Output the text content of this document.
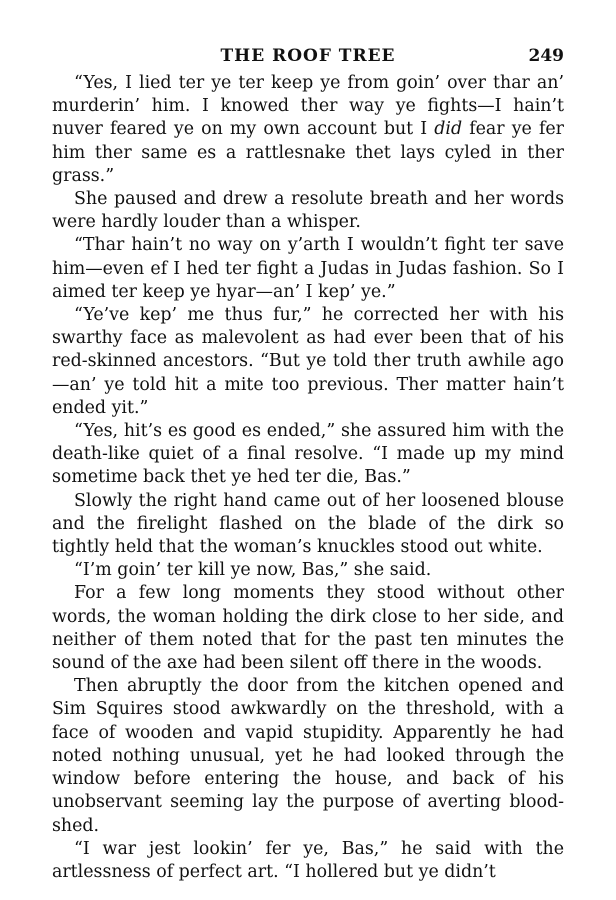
THE ROOF TREE	249

“Yes, I lied ter ye ter keep ye from goin’ over thar an’ murderin’ him. I knowed ther way ye fights—I hain’t nuver feared ye on my own account but I did fear ye fer him ther same es a rattlesnake thet lays cyled in ther grass.”

She paused and drew a resolute breath and her words were hardly louder than a whisper.

“Thar hain’t no way on y’arth I wouldn’t fight ter save him—even ef I hed ter fight a Judas in Judas fashion. So I aimed ter keep ye hyar—an’ I kep’ ye.”

“Ye’ve kep’ me thus fur,” he corrected her with his swarthy face as malevolent as had ever been that of his red-skinned ancestors. “But ye told ther truth awhile ago—an’ ye told hit a mite too previous. Ther matter hain’t ended yit.”

“Yes, hit’s es good es ended,” she assured him with the death-like quiet of a final resolve. “I made up my mind sometime back thet ye hed ter die, Bas.”

Slowly the right hand came out of her loosened blouse and the firelight flashed on the blade of the dirk so tightly held that the woman’s knuckles stood out white.

“I’m goin’ ter kill ye now, Bas,” she said.

For a few long moments they stood without other words, the woman holding the dirk close to her side, and neither of them noted that for the past ten minutes the sound of the axe had been silent off there in the woods.

Then abruptly the door from the kitchen opened and Sim Squires stood awkwardly on the threshold, with a face of wooden and vapid stupidity. Apparently he had noted nothing unusual, yet he had looked through the window before entering the house, and back of his unobservant seeming lay the purpose of averting blood-shed.

“I war jest lookin’ fer ye, Bas,” he said with the artlessness of perfect art. “I hollered but ye didn’t
